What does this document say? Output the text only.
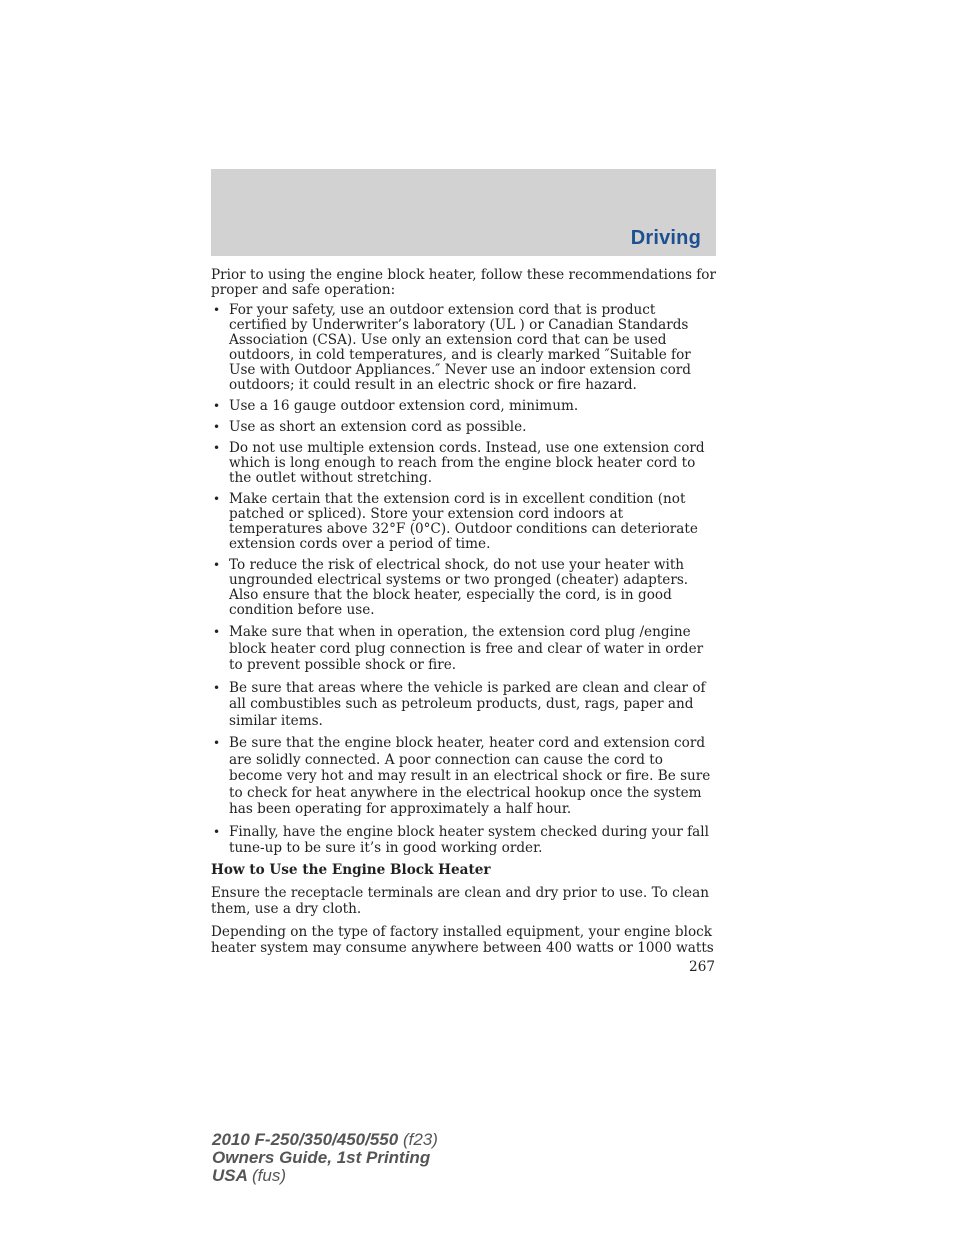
Driving

Prior to using the engine block heater, follow these recommendations for proper and safe operation:

• For your safety, use an outdoor extension cord that is product certified by Underwriter’s laboratory (UL ) or Canadian Standards Association (CSA). Use only an extension cord that can be used outdoors, in cold temperatures, and is clearly marked ″Suitable for Use with Outdoor Appliances.″ Never use an indoor extension cord outdoors; it could result in an electric shock or fire hazard.
• Use a 16 gauge outdoor extension cord, minimum.
• Use as short an extension cord as possible.
• Do not use multiple extension cords. Instead, use one extension cord which is long enough to reach from the engine block heater cord to the outlet without stretching.
• Make certain that the extension cord is in excellent condition (not patched or spliced). Store your extension cord indoors at temperatures above 32°F (0°C). Outdoor conditions can deteriorate extension cords over a period of time.
• To reduce the risk of electrical shock, do not use your heater with ungrounded electrical systems or two pronged (cheater) adapters. Also ensure that the block heater, especially the cord, is in good condition before use.
• Make sure that when in operation, the extension cord plug /engine block heater cord plug connection is free and clear of water in order to prevent possible shock or fire.
• Be sure that areas where the vehicle is parked are clean and clear of all combustibles such as petroleum products, dust, rags, paper and similar items.
• Be sure that the engine block heater, heater cord and extension cord are solidly connected. A poor connection can cause the cord to become very hot and may result in an electrical shock or fire. Be sure to check for heat anywhere in the electrical hookup once the system has been operating for approximately a half hour.
• Finally, have the engine block heater system checked during your fall tune-up to be sure it’s in good working order.
How to Use the Engine Block Heater

Ensure the receptacle terminals are clean and dry prior to use. To clean them, use a dry cloth.

Depending on the type of factory installed equipment, your engine block heater system may consume anywhere between 400 watts or 1000 watts

267
2010 F-250/350/450/550 (f23)
Owners Guide, 1st Printing
USA (fus)
